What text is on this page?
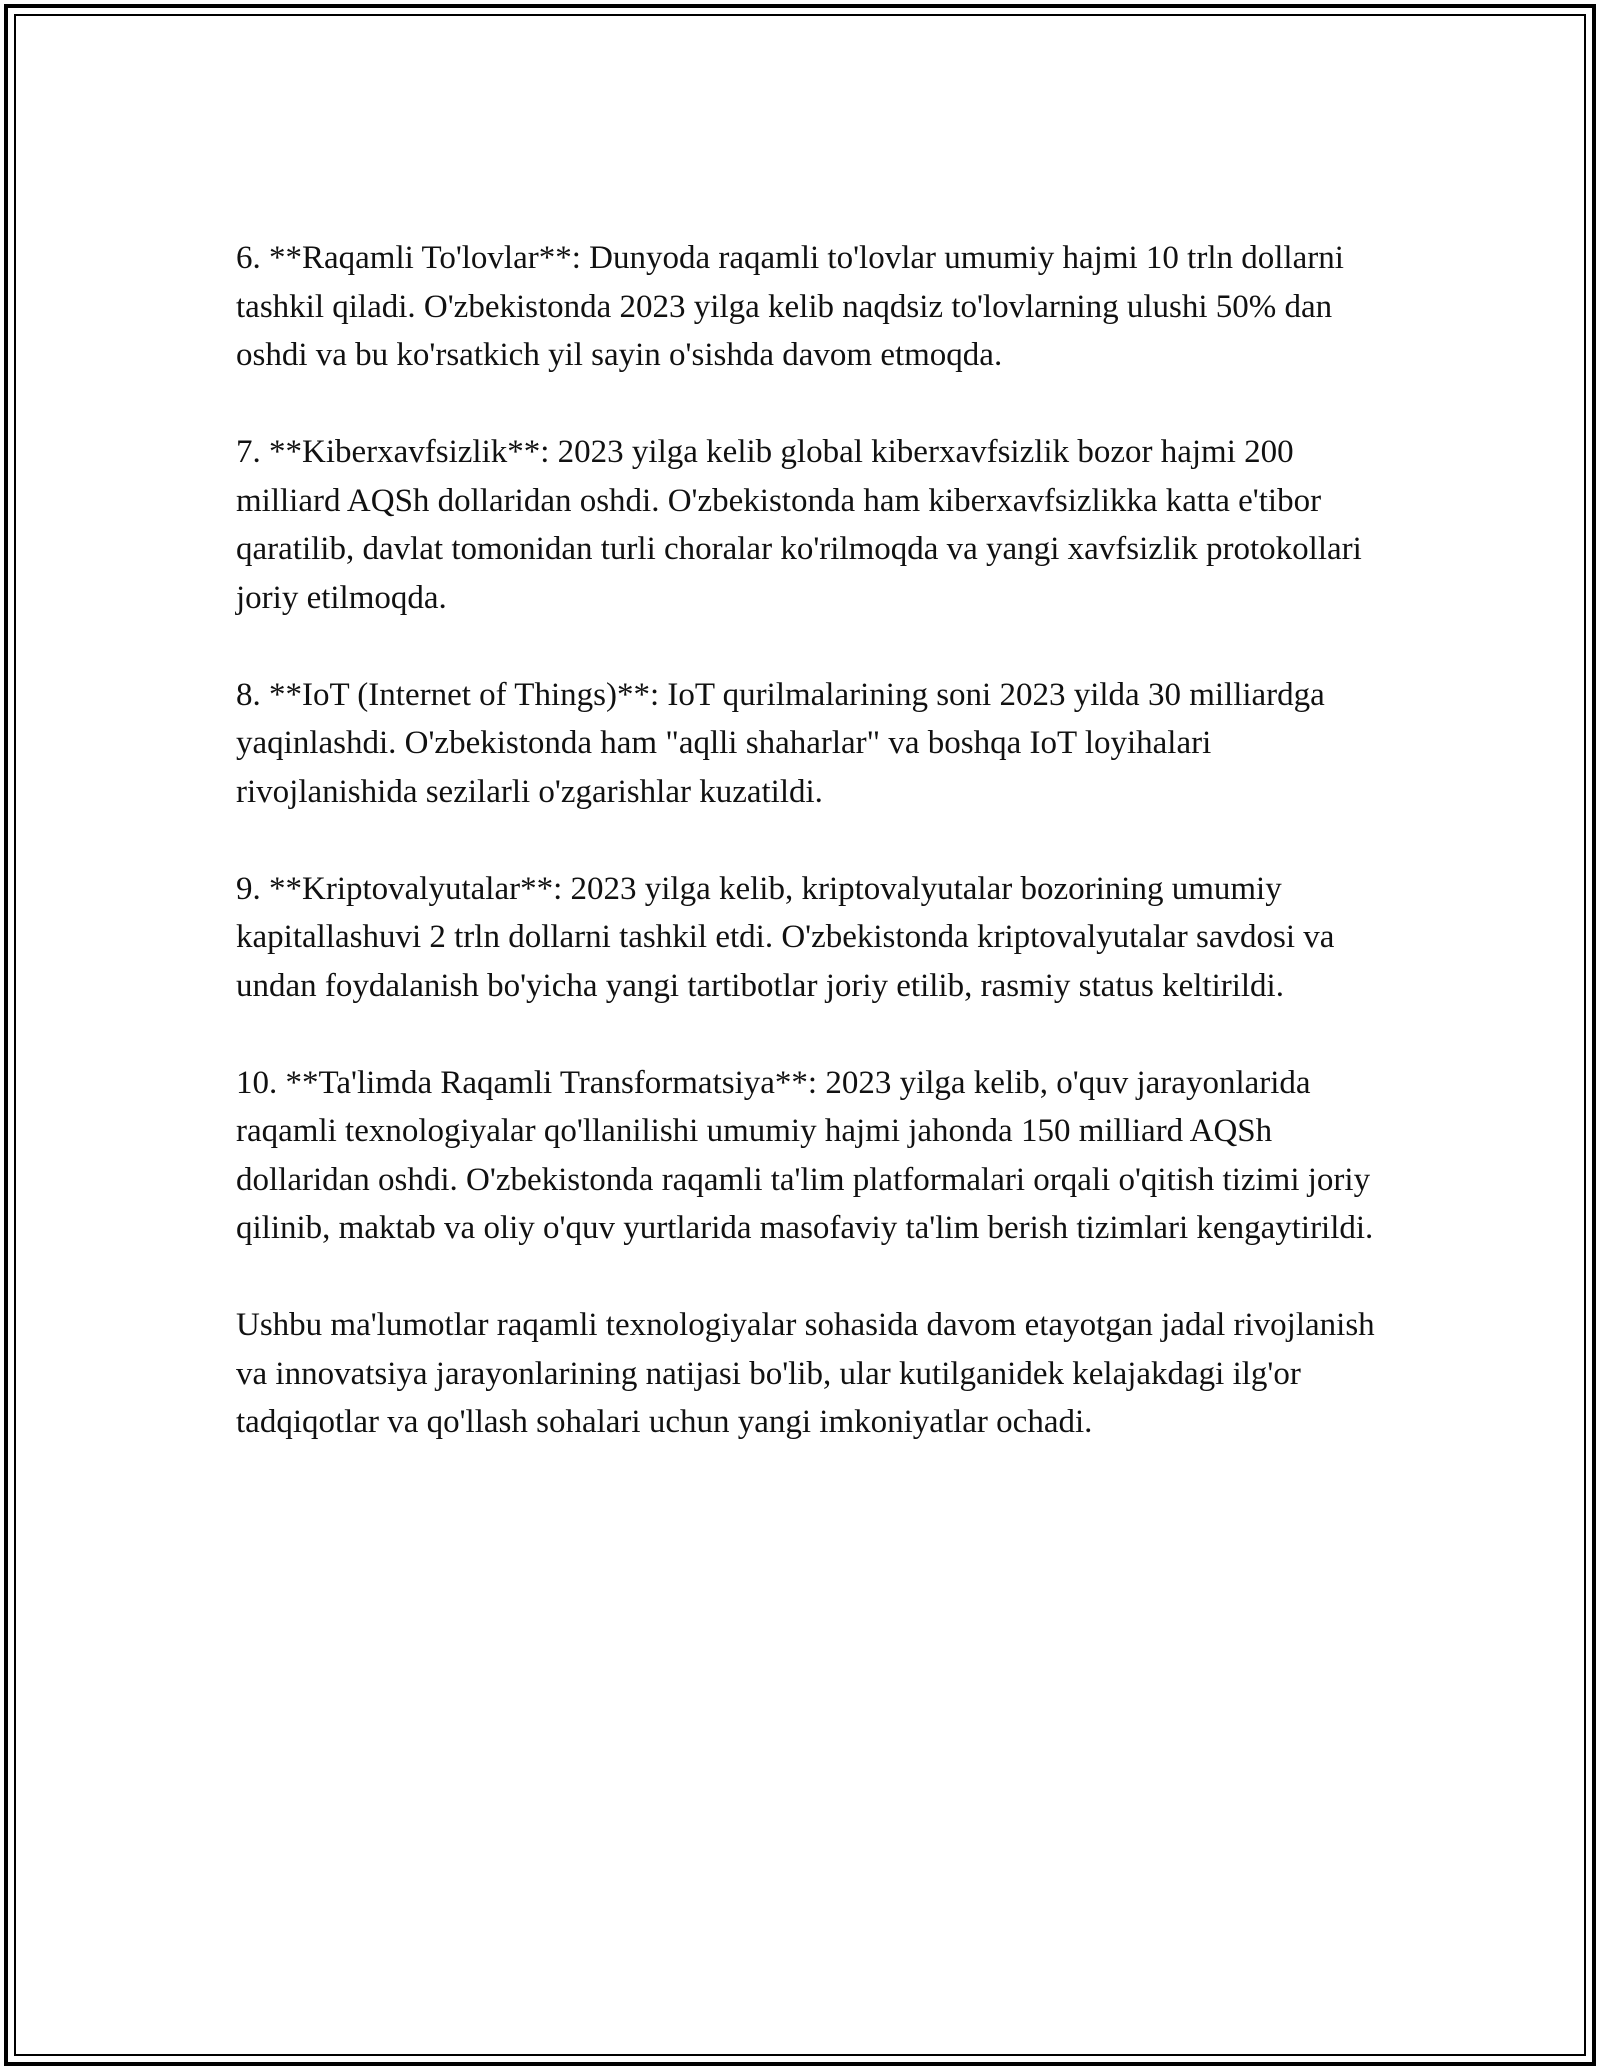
6. **Raqamli To'lovlar**: Dunyoda raqamli to'lovlar umumiy hajmi 10 trln dollarni tashkil qiladi. O'zbekistonda 2023 yilga kelib naqdsiz to'lovlarning ulushi 50% dan oshdi va bu ko'rsatkich yil sayin o'sishda davom etmoqda.

7. **Kiberxavfsizlik**: 2023 yilga kelib global kiberxavfsizlik bozor hajmi 200 milliard AQSh dollaridan oshdi. O'zbekistonda ham kiberxavfsizlikka katta e'tibor qaratilib, davlat tomonidan turli choralar ko'rilmoqda va yangi xavfsizlik protokollari joriy etilmoqda.

8. **IoT (Internet of Things)**: IoT qurilmalarining soni 2023 yilda 30 milliardga yaqinlashdi. O'zbekistonda ham "aqlli shaharlar" va boshqa IoT loyihalari rivojlanishida sezilarli o'zgarishlar kuzatildi.

9. **Kriptovalyutalar**: 2023 yilga kelib, kriptovalyutalar bozorining umumiy kapitallashuvi 2 trln dollarni tashkil etdi. O'zbekistonda kriptovalyutalar savdosi va undan foydalanish bo'yicha yangi tartibotlar joriy etilib, rasmiy status keltirildi.

10. **Ta'limda Raqamli Transformatsiya**: 2023 yilga kelib, o'quv jarayonlarida raqamli texnologiyalar qo'llanilishi umumiy hajmi jahonda 150 milliard AQSh dollaridan oshdi. O'zbekistonda raqamli ta'lim platformalari orqali o'qitish tizimi joriy qilinib, maktab va oliy o'quv yurtlarida masofaviy ta'lim berish tizimlari kengaytirildi.

Ushbu ma'lumotlar raqamli texnologiyalar sohasida davom etayotgan jadal rivojlanish va innovatsiya jarayonlarining natijasi bo'lib, ular kutilganidek kelajakdagi ilg'or tadqiqotlar va qo'llash sohalari uchun yangi imkoniyatlar ochadi.
